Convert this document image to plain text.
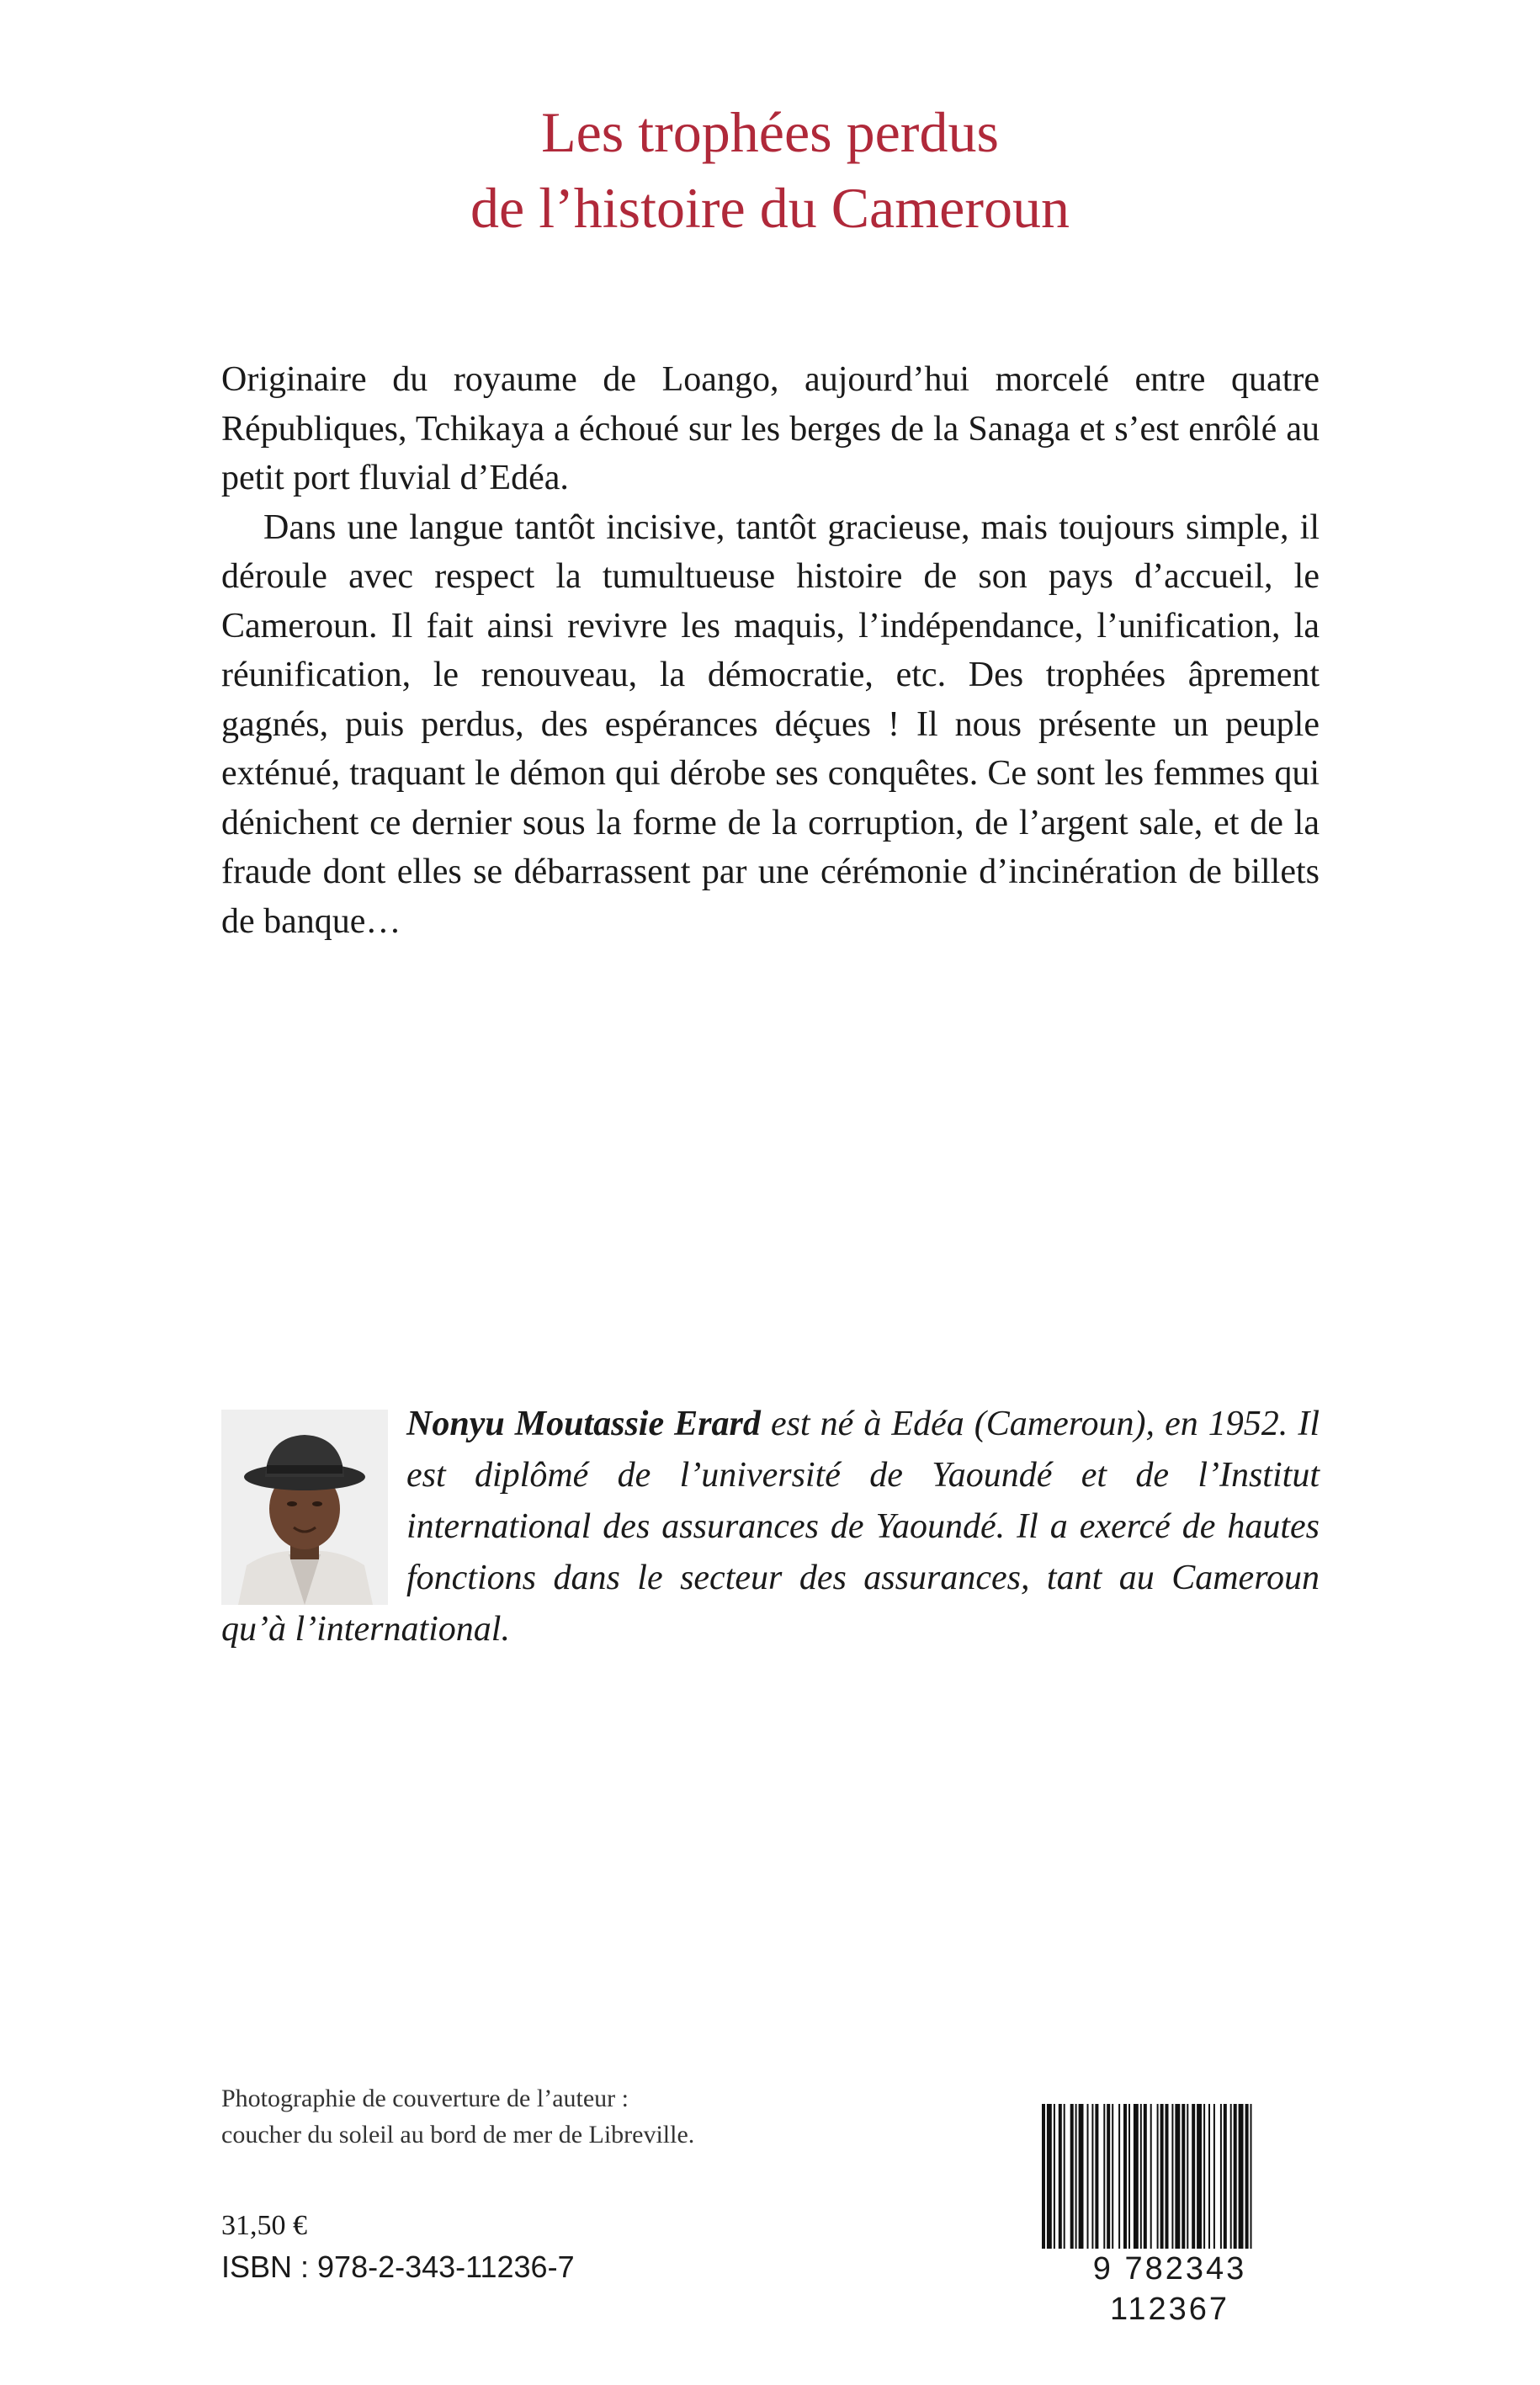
Les trophées perdus
de l’histoire du Cameroun

Originaire du royaume de Loango, aujourd’hui morcelé entre quatre Républiques, Tchikaya a échoué sur les berges de la Sanaga et s’est enrôlé au petit port fluvial d’Edéa.

Dans une langue tantôt incisive, tantôt gracieuse, mais toujours simple, il déroule avec respect la tumultueuse histoire de son pays d’accueil, le Cameroun. Il fait ainsi revivre les maquis, l’indépendance, l’unification, la réunification, le renouveau, la démocratie, etc. Des trophées âprement gagnés, puis perdus, des espérances déçues ! Il nous présente un peuple exténué, traquant le démon qui dérobe ses conquêtes. Ce sont les femmes qui dénichent ce dernier sous la forme de la corruption, de l’argent sale, et de la fraude dont elles se débarrassent par une cérémonie d’incinération de billets de banque…

Nonyu Moutassie Erard est né à Edéa (Cameroun), en 1952. Il est diplômé de l’université de Yaoundé et de l’Institut international des assurances de Yaoundé. Il a exercé de hautes fonctions dans le secteur des assurances, tant au Cameroun qu’à l’international.
Photographie de couverture de l’auteur :
coucher du soleil au bord de mer de Libreville.
31,50 €
ISBN : 978-2-343-11236-7	9 782343 112367
